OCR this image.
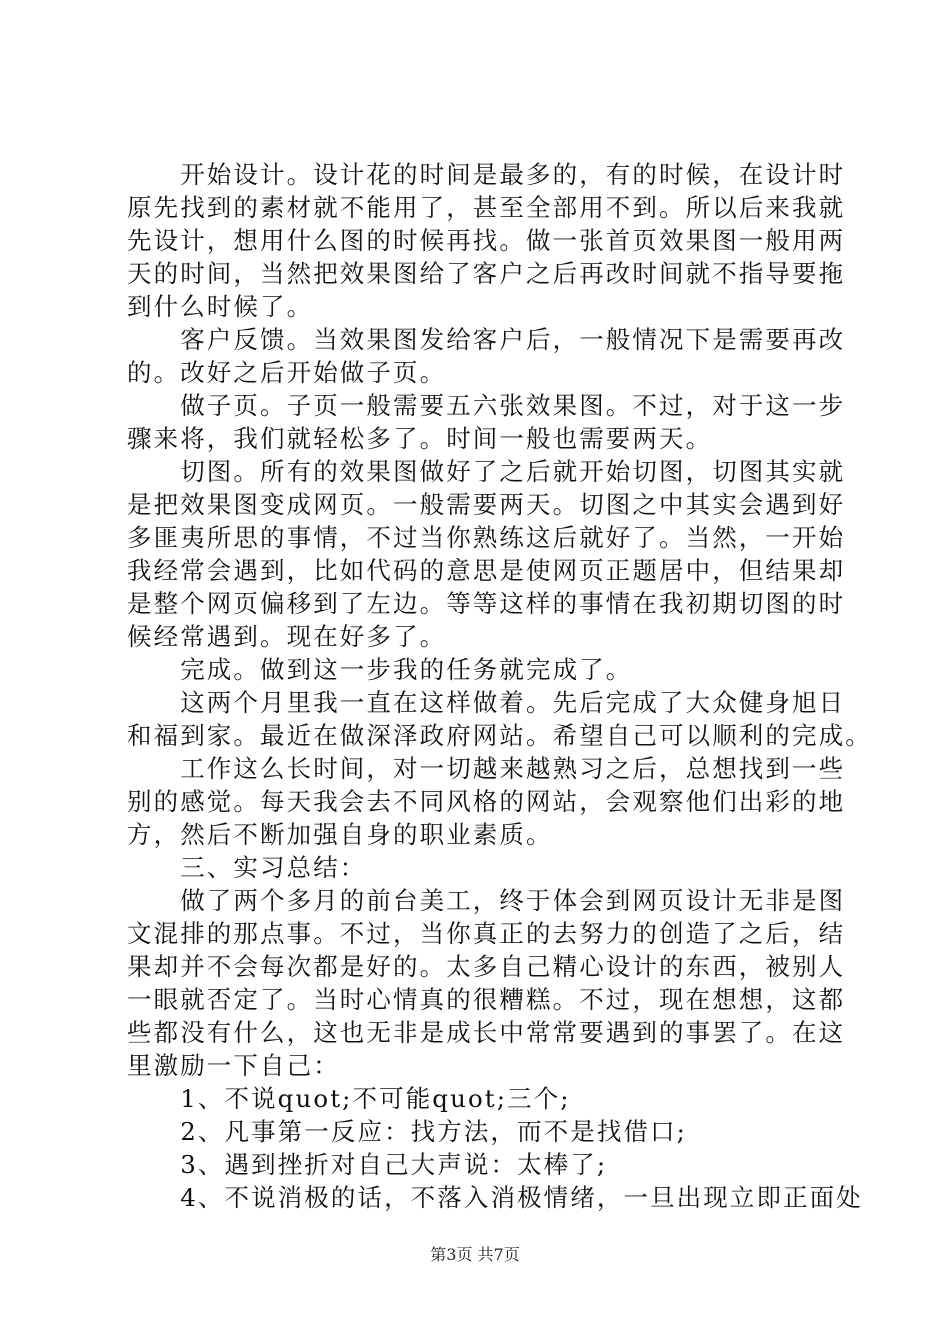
　　开始设计。设计花的时间是最多的，有的时候，在设计时
原先找到的素材就不能用了，甚至全部用不到。所以后来我就
先设计，想用什么图的时候再找。做一张首页效果图一般用两
天的时间，当然把效果图给了客户之后再改时间就不指导要拖
到什么时候了。
　　客户反馈。当效果图发给客户后，一般情况下是需要再改
的。改好之后开始做子页。
　　做子页。子页一般需要五六张效果图。不过，对于这一步
骤来将，我们就轻松多了。时间一般也需要两天。
　　切图。所有的效果图做好了之后就开始切图，切图其实就
是把效果图变成网页。一般需要两天。切图之中其实会遇到好
多匪夷所思的事情，不过当你熟练这后就好了。当然，一开始
我经常会遇到，比如代码的意思是使网页正题居中，但结果却
是整个网页偏移到了左边。等等这样的事情在我初期切图的时
候经常遇到。现在好多了。
　　完成。做到这一步我的任务就完成了。
　　这两个月里我一直在这样做着。先后完成了大众健身旭日
和福到家。最近在做深泽政府网站。希望自己可以顺利的完成。
　　工作这么长时间，对一切越来越熟习之后，总想找到一些
别的感觉。每天我会去不同风格的网站，会观察他们出彩的地
方，然后不断加强自身的职业素质。
　　三、实习总结：
　　做了两个多月的前台美工，终于体会到网页设计无非是图
文混排的那点事。不过，当你真正的去努力的创造了之后，结
果却并不会每次都是好的。太多自己精心设计的东西，被别人
一眼就否定了。当时心情真的很糟糕。不过，现在想想，这都
些都没有什么，这也无非是成长中常常要遇到的事罢了。在这
里激励一下自己：
　　1、不说quot;不可能quot;三个;
　　2、凡事第一反应：找方法，而不是找借口;
　　3、遇到挫折对自己大声说：太棒了;
　　4、不说消极的话，不落入消极情绪，一旦出现立即正面处
第3页 共7页
